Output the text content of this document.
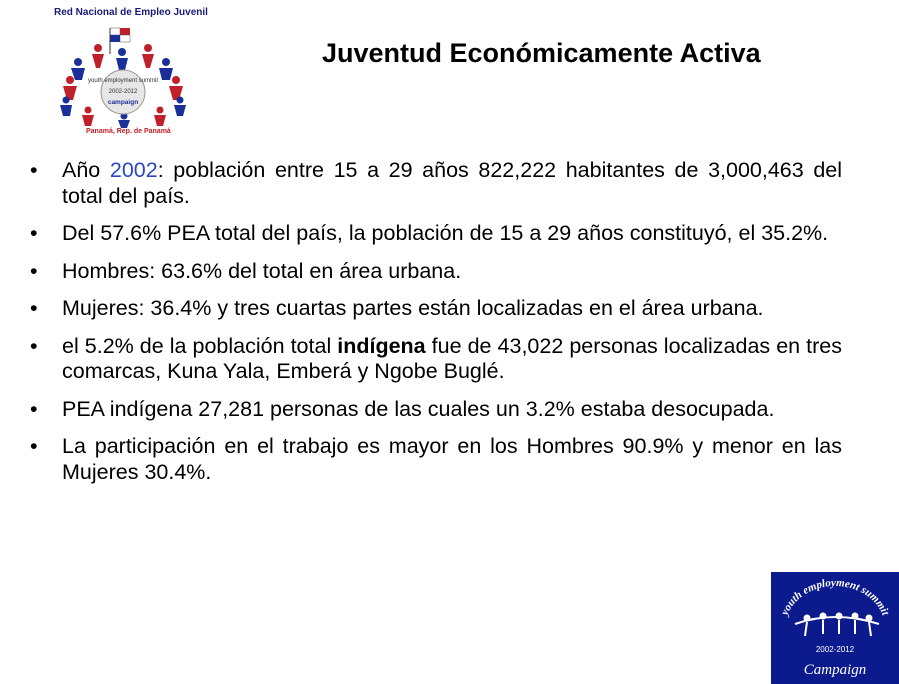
Red Nacional de Empleo Juvenil
youth employment summit
2002-2012
campaign
Panamá, Rep. de Panamá
Juventud Económicamente Activa
• Año 2002: población entre 15 a 29 años 822,222 habitantes de 3,000,463 del total del país.
• Del 57.6% PEA total del país, la población de 15 a 29 años constituyó, el 35.2%.
• Hombres: 63.6% del total en área urbana.
• Mujeres: 36.4% y tres cuartas partes están localizadas en el área urbana.
• el 5.2% de la población total indígena fue de 43,022 personas localizadas en tres comarcas, Kuna Yala, Emberá y Ngobe Buglé.
• PEA indígena 27,281 personas de las cuales un 3.2% estaba desocupada.
• La participación en el trabajo es mayor en los Hombres 90.9% y menor en las Mujeres 30.4%.
youth employment summit
2002-2012
Campaign
